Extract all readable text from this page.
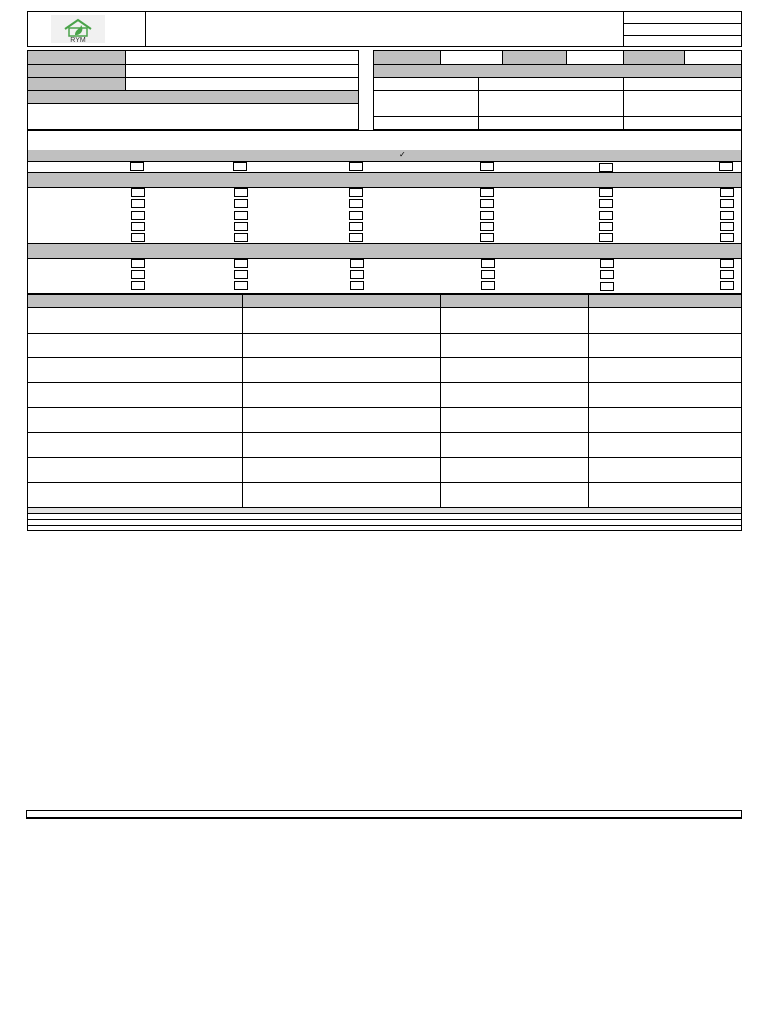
RYM
✓
